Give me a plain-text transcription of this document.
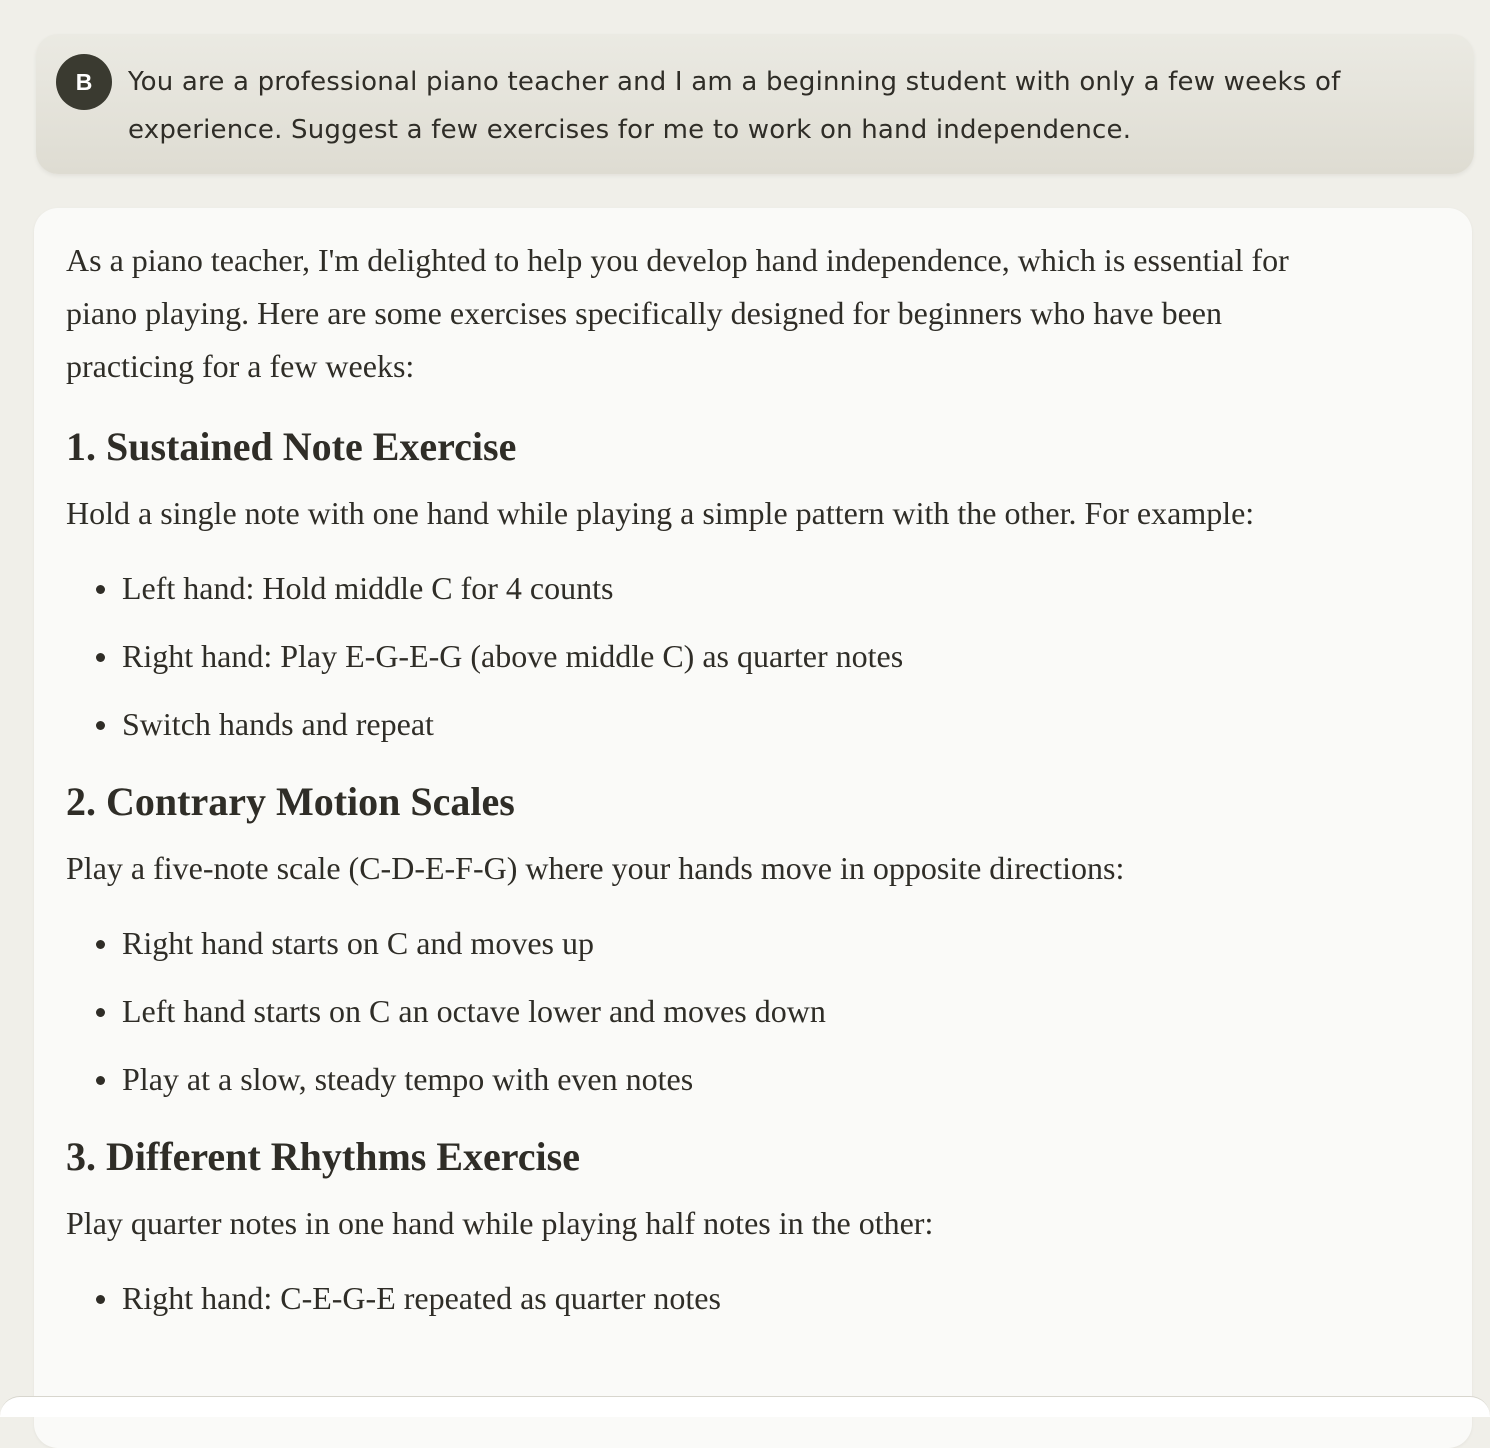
B	You are a professional piano teacher and I am a beginning student with only a few weeks of experience. Suggest a few exercises for me to work on hand independence.

As a piano teacher, I'm delighted to help you develop hand independence, which is essential for piano playing. Here are some exercises specifically designed for beginners who have been practicing for a few weeks:

1. Sustained Note Exercise

Hold a single note with one hand while playing a simple pattern with the other. For example:

Left hand: Hold middle C for 4 counts
Right hand: Play E-G-E-G (above middle C) as quarter notes
Switch hands and repeat
2. Contrary Motion Scales

Play a five-note scale (C-D-E-F-G) where your hands move in opposite directions:

Right hand starts on C and moves up
Left hand starts on C an octave lower and moves down
Play at a slow, steady tempo with even notes
3. Different Rhythms Exercise

Play quarter notes in one hand while playing half notes in the other:

Right hand: C-E-G-E repeated as quarter notes
